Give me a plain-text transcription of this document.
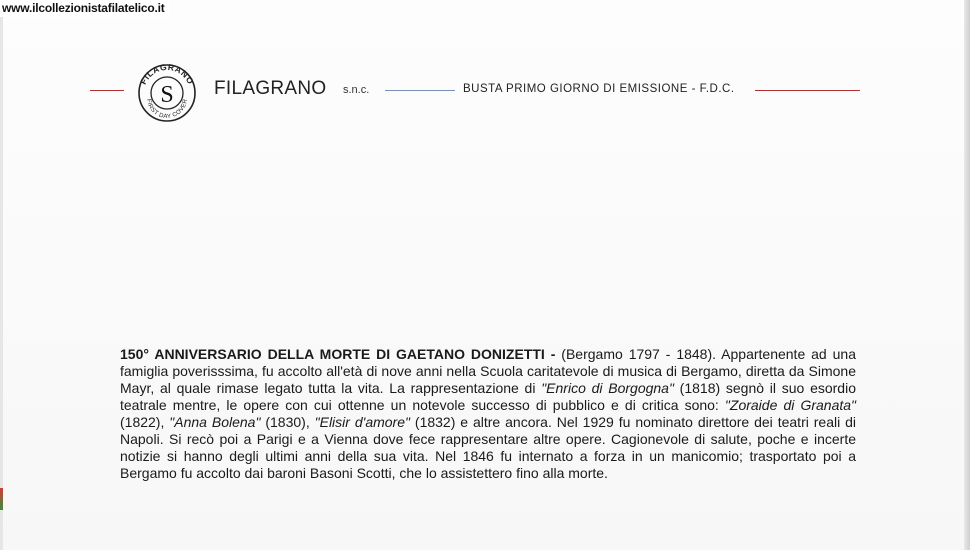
www.ilcollezionistafilatelico.it
FILAGRANO
FIRST DAY COVER
S FILAGRANO s.n.c.	BUSTA PRIMO GIORNO DI EMISSIONE - F.D.C.
150° ANNIVERSARIO DELLA MORTE DI GAETANO DONIZETTI - (Bergamo 1797 - 1848). Appartenente ad una famiglia poverisssima, fu accolto all'età di nove anni nella Scuola caritatevole di musica di Bergamo, diretta da Simone Mayr, al quale rimase legato tutta la vita. La rappresentazione di "Enrico di Borgogna" (1818) segnò il suo esordio teatrale mentre, le opere con cui ottenne un notevole successo di pubblico e di critica sono: "Zoraide di Granata" (1822), "Anna Bolena" (1830), "Elisir d'amore" (1832) e altre ancora. Nel 1929 fu nominato direttore dei teatri reali di Napoli. Si recò poi a Parigi e a Vienna dove fece rappresentare altre opere. Cagionevole di salute, poche e incerte notizie si hanno degli ultimi anni della sua vita. Nel 1846 fu internato a forza in un manicomio; trasportato poi a Bergamo fu accolto dai baroni Basoni Scotti, che lo assistettero fino alla morte.
